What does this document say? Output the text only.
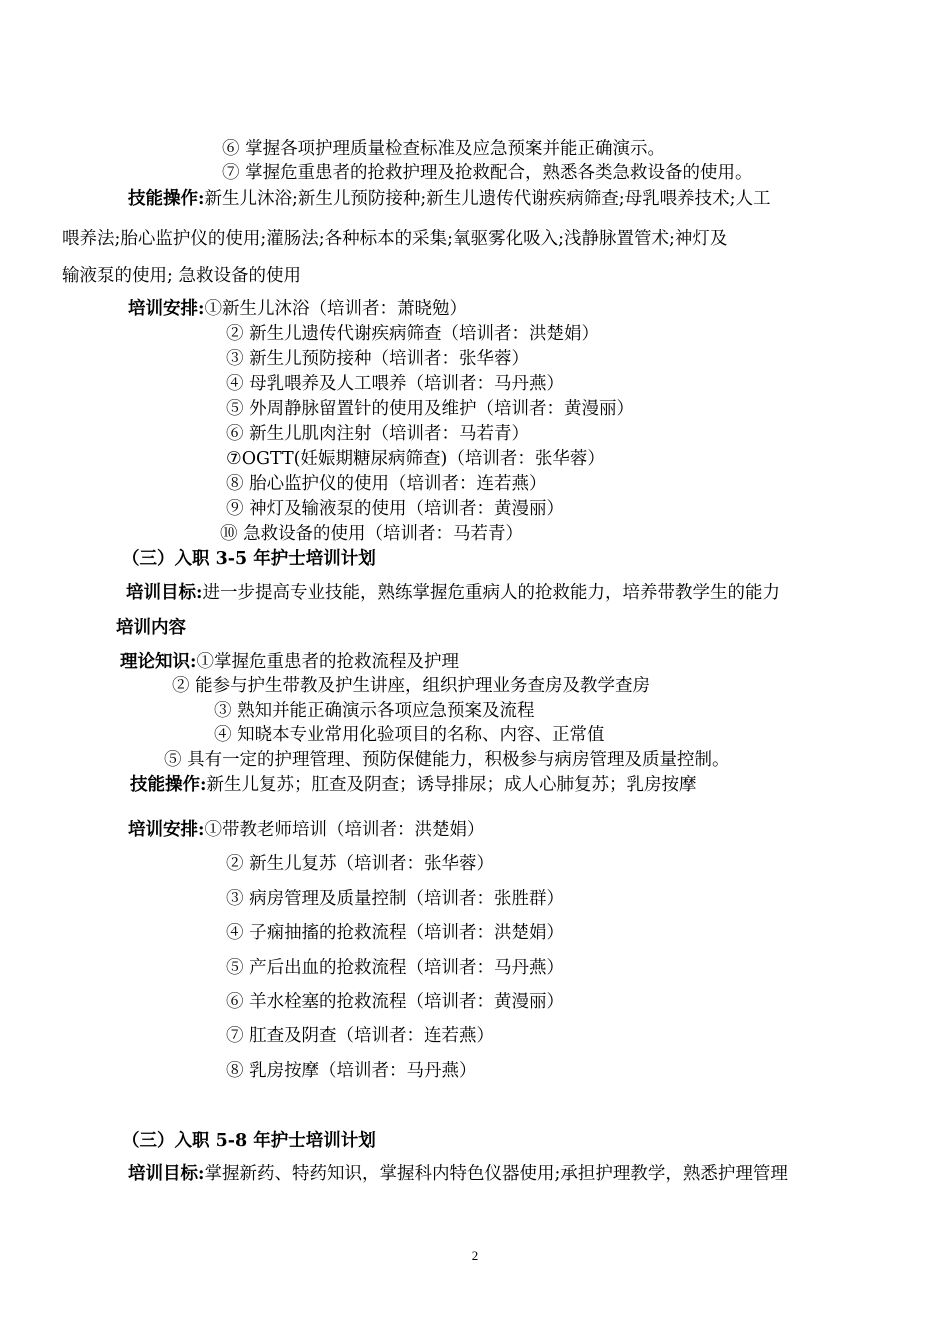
⑥ 掌握各项护理质量检查标准及应急预案并能正确演示。
⑦ 掌握危重患者的抢救护理及抢救配合，熟悉各类急救设备的使用。
技能操作:新生儿沐浴;新生儿预防接种;新生儿遗传代谢疾病筛查;母乳喂养技术;人工
喂养法;胎心监护仪的使用;灌肠法;各种标本的采集;氧驱雾化吸入;浅静脉置管术;神灯及
输液泵的使用; 急救设备的使用
培训安排:①新生儿沐浴（培训者：萧晓勉）
② 新生儿遗传代谢疾病筛查（培训者：洪楚娟）
③ 新生儿预防接种（培训者：张华蓉）
④ 母乳喂养及人工喂养（培训者：马丹燕）
⑤ 外周静脉留置针的使用及维护（培训者：黄漫丽）
⑥ 新生儿肌肉注射（培训者：马若青）
⑦OGTT(妊娠期糖尿病筛查)（培训者：张华蓉）
⑧ 胎心监护仪的使用（培训者：连若燕）
⑨ 神灯及输液泵的使用（培训者：黄漫丽）
⑩ 急救设备的使用（培训者：马若青）
（三）入职 3-5 年护士培训计划
培训目标:进一步提高专业技能，熟练掌握危重病人的抢救能力，培养带教学生的能力
培训内容
理论知识:①掌握危重患者的抢救流程及护理
② 能参与护生带教及护生讲座，组织护理业务查房及教学查房
③ 熟知并能正确演示各项应急预案及流程
④ 知晓本专业常用化验项目的名称、内容、正常值
⑤ 具有一定的护理管理、预防保健能力，积极参与病房管理及质量控制。
技能操作:新生儿复苏；肛查及阴查；诱导排尿；成人心肺复苏；乳房按摩
培训安排:①带教老师培训（培训者：洪楚娟）
② 新生儿复苏（培训者：张华蓉）
③ 病房管理及质量控制（培训者：张胜群）
④ 子痫抽搐的抢救流程（培训者：洪楚娟）
⑤ 产后出血的抢救流程（培训者：马丹燕）
⑥ 羊水栓塞的抢救流程（培训者：黄漫丽）
⑦ 肛查及阴查（培训者：连若燕）
⑧ 乳房按摩（培训者：马丹燕）
（三）入职 5-8 年护士培训计划
培训目标:掌握新药、特药知识，掌握科内特色仪器使用;承担护理教学，熟悉护理管理
2
